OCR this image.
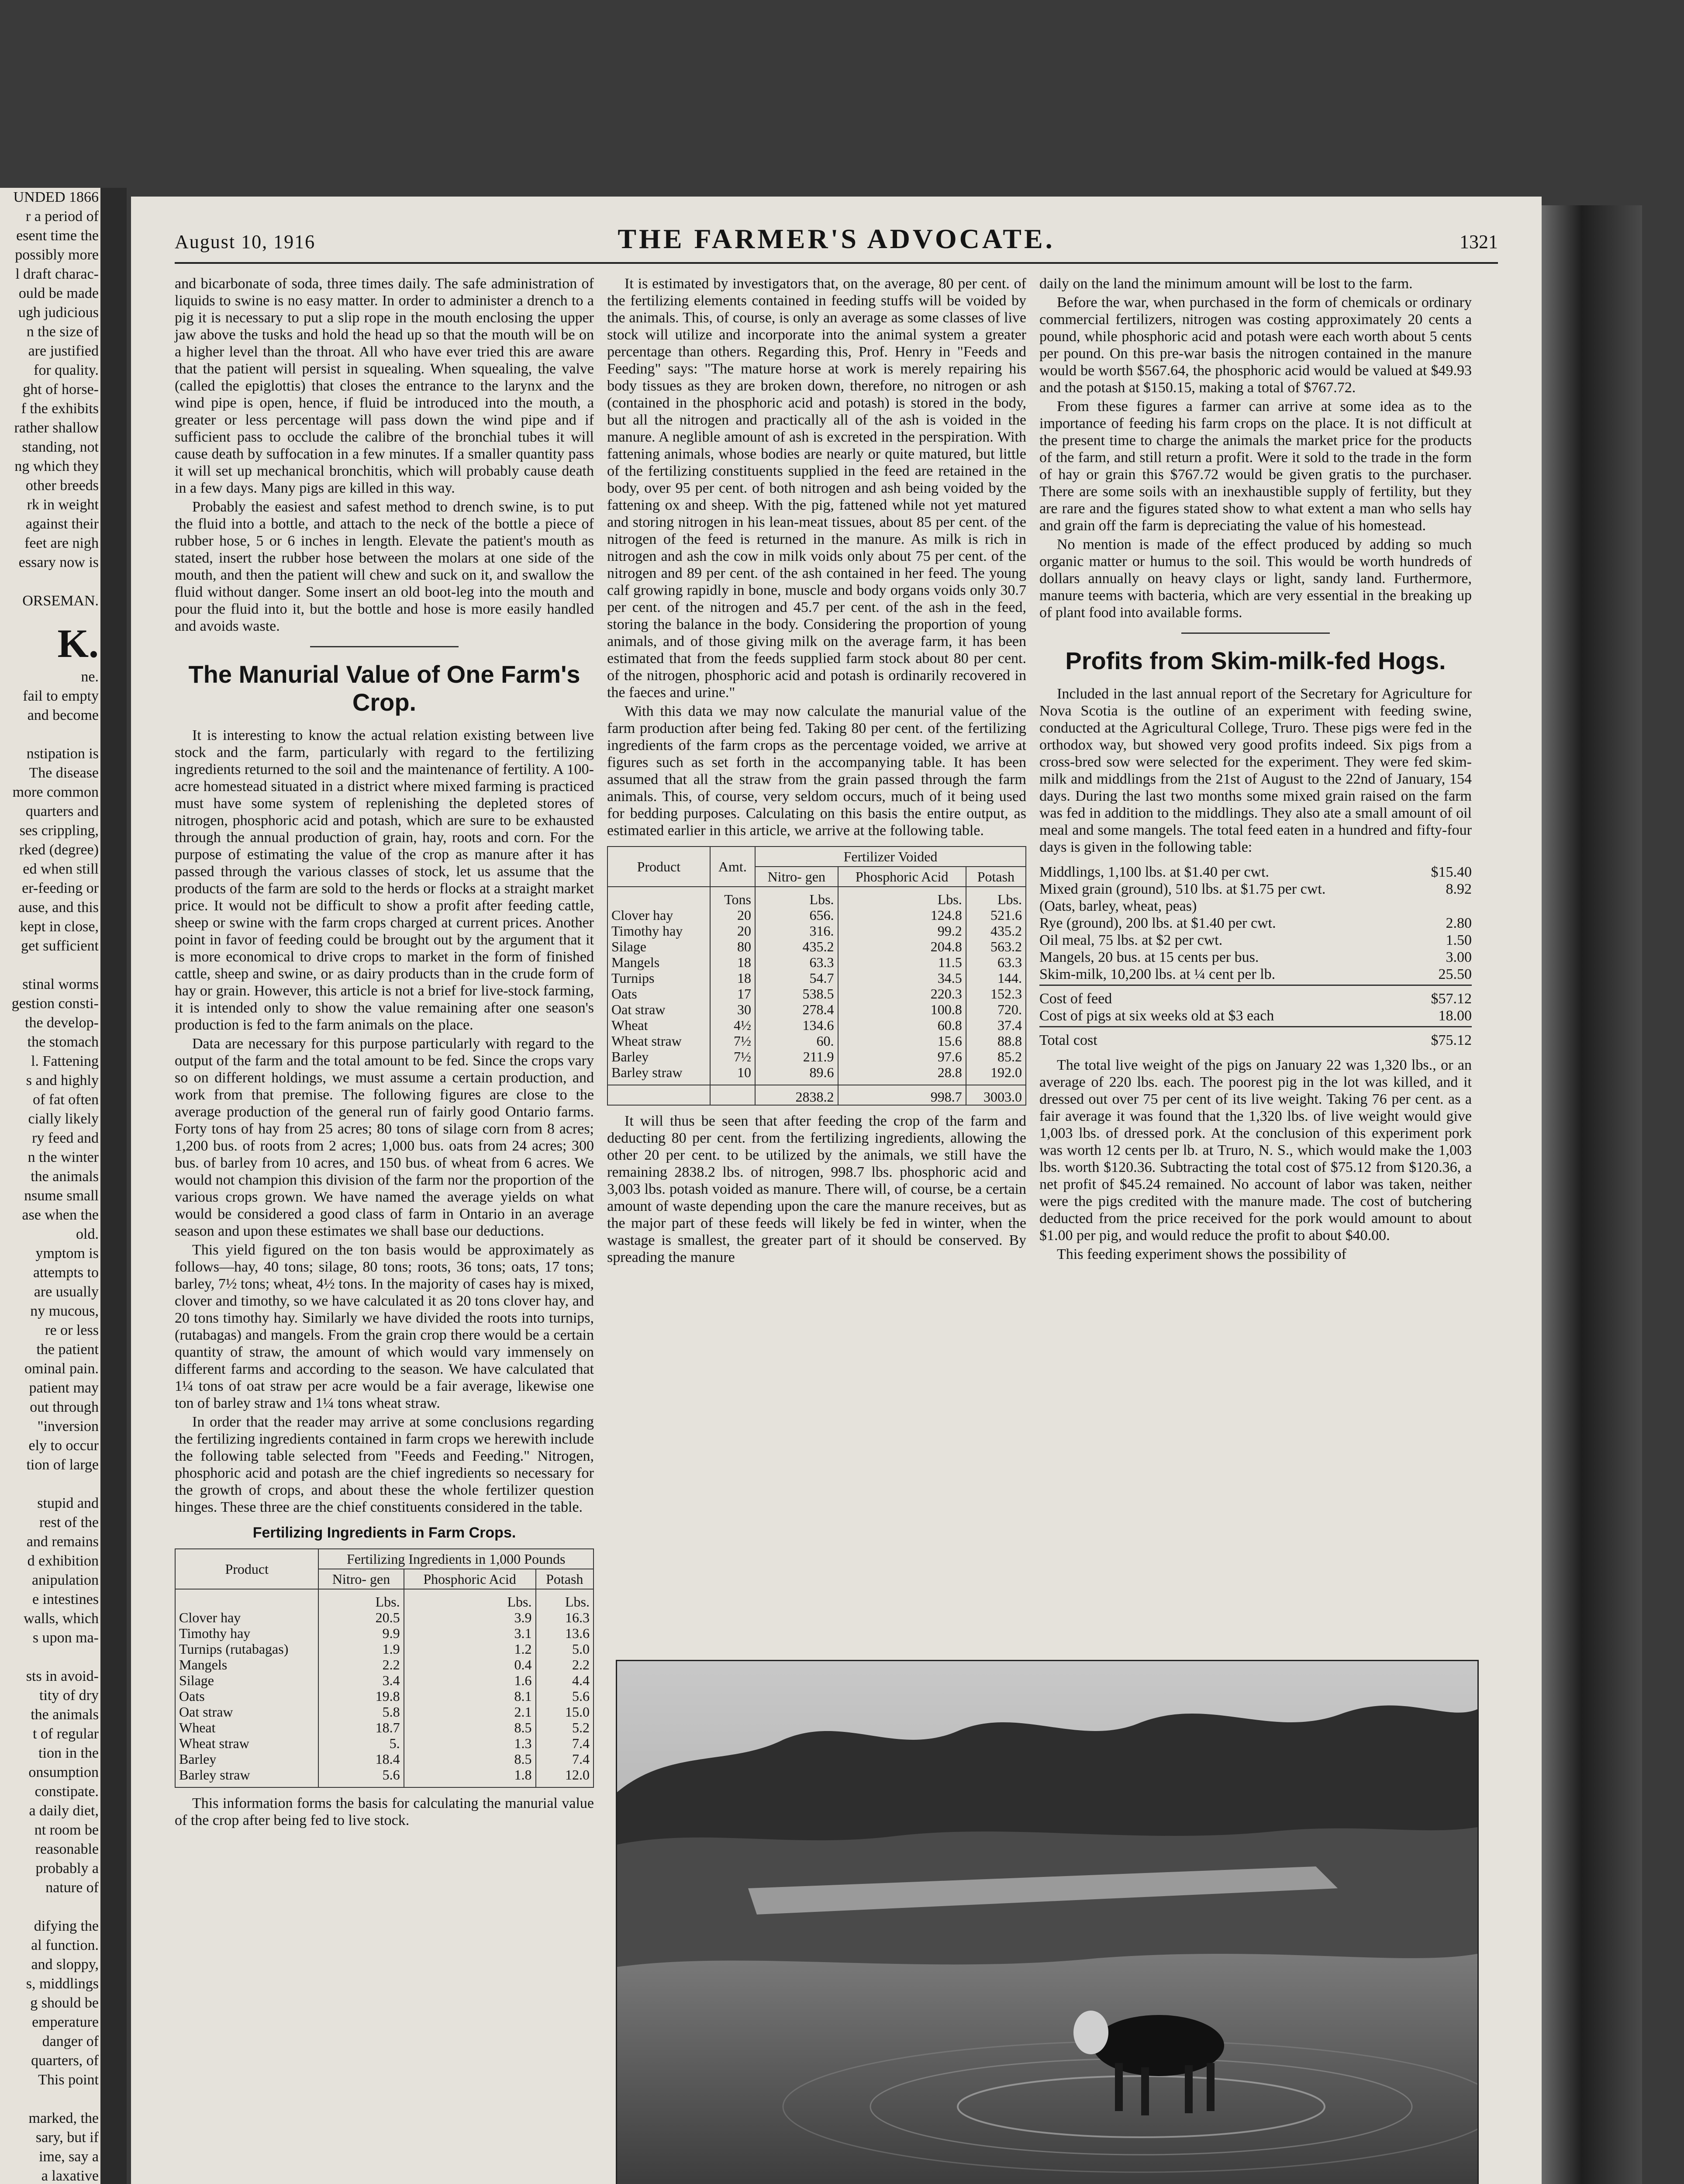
UNDED 1866
r a period of
esent time the
possibly more
l draft charac-
ould be made
ugh judicious
n the size of
are justified
for quality.
ght of horse-
f the exhibits
rather shallow
standing, not
ng which they
other breeds
rk in weight
against their
feet are nigh
essary now is
ORSEMAN.
K.
ne.
fail to empty
and become
nstipation is
The disease
more common
quarters and
ses crippling,
rked (degree)
ed when still
er-feeding or
ause, and this
kept in close,
get sufficient
stinal worms
gestion consti-
the develop-
the stomach
l. Fattening
s and highly
of fat often
cially likely
ry feed and
n the winter
the animals
nsume small
ase when the
old.
ymptom is
attempts to
are usually
ny mucous,
re or less
the patient
ominal pain.
patient may
out through
"inversion
ely to occur
tion of large
stupid and
rest of the
and remains
d exhibition
anipulation
e intestines
walls, which
s upon ma-
sts in avoid-
tity of dry
the animals
t of regular
tion in the
onsumption
constipate.
a daily diet,
nt room be
reasonable
probably a
nature of
difying the
al function.
and sloppy,
s, middlings
g should be
emperature
danger of
quarters, of
This point
marked, the
sary, but if
ime, say a
a laxative
August 10, 1916	THE FARMER'S ADVOCATE.	1321

and bicarbonate of soda, three times daily. The safe administration of liquids to swine is no easy matter. In order to administer a drench to a pig it is necessary to put a slip rope in the mouth enclosing the upper jaw above the tusks and hold the head up so that the mouth will be on a higher level than the throat. All who have ever tried this are aware that the patient will persist in squealing. When squealing, the valve (called the epiglottis) that closes the entrance to the larynx and the wind pipe is open, hence, if fluid be introduced into the mouth, a greater or less percentage will pass down the wind pipe and if sufficient pass to occlude the calibre of the bronchial tubes it will cause death by suffocation in a few minutes. If a smaller quantity pass it will set up mechanical bronchitis, which will probably cause death in a few days. Many pigs are killed in this way.

Probably the easiest and safest method to drench swine, is to put the fluid into a bottle, and attach to the neck of the bottle a piece of rubber hose, 5 or 6 inches in length. Elevate the patient's mouth as stated, insert the rubber hose between the molars at one side of the mouth, and then the patient will chew and suck on it, and swallow the fluid without danger. Some insert an old boot-leg into the mouth and pour the fluid into it, but the bottle and hose is more easily handled and avoids waste.

The Manurial Value of One Farm's Crop.

It is interesting to know the actual relation existing between live stock and the farm, particularly with regard to the fertilizing ingredients returned to the soil and the maintenance of fertility. A 100-acre homestead situated in a district where mixed farming is practiced must have some system of replenishing the depleted stores of nitrogen, phosphoric acid and potash, which are sure to be exhausted through the annual production of grain, hay, roots and corn. For the purpose of estimating the value of the crop as manure after it has passed through the various classes of stock, let us assume that the products of the farm are sold to the herds or flocks at a straight market price. It would not be difficult to show a profit after feeding cattle, sheep or swine with the farm crops charged at current prices. Another point in favor of feeding could be brought out by the argument that it is more economical to drive crops to market in the form of finished cattle, sheep and swine, or as dairy products than in the crude form of hay or grain. However, this article is not a brief for live-stock farming, it is intended only to show the value remaining after one season's production is fed to the farm animals on the place.

Data are necessary for this purpose particularly with regard to the output of the farm and the total amount to be fed. Since the crops vary so on different holdings, we must assume a certain production, and work from that premise. The following figures are close to the average production of the general run of fairly good Ontario farms. Forty tons of hay from 25 acres; 80 tons of silage corn from 8 acres; 1,200 bus. of roots from 2 acres; 1,000 bus. oats from 24 acres; 300 bus. of barley from 10 acres, and 150 bus. of wheat from 6 acres. We would not champion this division of the farm nor the proportion of the various crops grown. We have named the average yields on what would be considered a good class of farm in Ontario in an average season and upon these estimates we shall base our deductions.

This yield figured on the ton basis would be approximately as follows—hay, 40 tons; silage, 80 tons; roots, 36 tons; oats, 17 tons; barley, 7½ tons; wheat, 4½ tons. In the majority of cases hay is mixed, clover and timothy, so we have calculated it as 20 tons clover hay, and 20 tons timothy hay. Similarly we have divided the roots into turnips, (rutabagas) and mangels. From the grain crop there would be a certain quantity of straw, the amount of which would vary immensely on different farms and according to the season. We have calculated that 1¼ tons of oat straw per acre would be a fair average, likewise one ton of barley straw and 1¼ tons wheat straw.

In order that the reader may arrive at some conclusions regarding the fertilizing ingredients contained in farm crops we herewith include the following table selected from "Feeds and Feeding." Nitrogen, phosphoric acid and potash are the chief ingredients so necessary for the growth of crops, and about these the whole fertilizer question hinges. These three are the chief constituents considered in the table.

Fertilizing Ingredients in Farm Crops.
Product	Fertilizing Ingredients in 1,000 Pounds		
	Nitro- gen	Phosphoric Acid	Potash
	Lbs.	Lbs.	Lbs.
Clover hay	20.5	3.9	16.3
Timothy hay	9.9	3.1	13.6
Turnips (rutabagas)	1.9	1.2	5.0
Mangels	2.2	0.4	2.2
Silage	3.4	1.6	4.4
Oats	19.8	8.1	5.6
Oat straw	5.8	2.1	15.0
Wheat	18.7	8.5	5.2
Wheat straw	5.	1.3	7.4
Barley	18.4	8.5	7.4
Barley straw	5.6	1.8	12.0

This information forms the basis for calculating the manurial value of the crop after being fed to live stock.

It is estimated by investigators that, on the average, 80 per cent. of the fertilizing elements contained in feeding stuffs will be voided by the animals. This, of course, is only an average as some classes of live stock will utilize and incorporate into the animal system a greater percentage than others. Regarding this, Prof. Henry in "Feeds and Feeding" says: "The mature horse at work is merely repairing his body tissues as they are broken down, therefore, no nitrogen or ash (contained in the phosphoric acid and potash) is stored in the body, but all the nitrogen and practically all of the ash is voided in the manure. A neglible amount of ash is excreted in the perspiration. With fattening animals, whose bodies are nearly or quite matured, but little of the fertilizing constituents supplied in the feed are retained in the body, over 95 per cent. of both nitrogen and ash being voided by the fattening ox and sheep. With the pig, fattened while not yet matured and storing nitrogen in his lean-meat tissues, about 85 per cent. of the nitrogen of the feed is returned in the manure. As milk is rich in nitrogen and ash the cow in milk voids only about 75 per cent. of the nitrogen and 89 per cent. of the ash contained in her feed. The young calf growing rapidly in bone, muscle and body organs voids only 30.7 per cent. of the nitrogen and 45.7 per cent. of the ash in the feed, storing the balance in the body. Considering the proportion of young animals, and of those giving milk on the average farm, it has been estimated that from the feeds supplied farm stock about 80 per cent. of the nitrogen, phosphoric acid and potash is ordinarily recovered in the faeces and urine."

With this data we may now calculate the manurial value of the farm production after being fed. Taking 80 per cent. of the fertilizing ingredients of the farm crops as the percentage voided, we arrive at figures such as set forth in the accompanying table. It has been assumed that all the straw from the grain passed through the farm animals. This, of course, very seldom occurs, much of it being used for bedding purposes. Calculating on this basis the entire output, as estimated earlier in this article, we arrive at the following table.

Product	Amt.	Fertilizer Voided		
		Nitro- gen	Phosphoric Acid	Potash
	Tons	Lbs.	Lbs.	Lbs.
Clover hay	20	656.	124.8	521.6
Timothy hay	20	316.	99.2	435.2
Silage	80	435.2	204.8	563.2
Mangels	18	63.3	11.5	63.3
Turnips	18	54.7	34.5	144.
Oats	17	538.5	220.3	152.3
Oat straw	30	278.4	100.8	720.
Wheat	4½	134.6	60.8	37.4
Wheat straw	7½	60.	15.6	88.8
Barley	7½	211.9	97.6	85.2
Barley straw	10	89.6	28.8	192.0
		2838.2	998.7	3003.0

It will thus be seen that after feeding the crop of the farm and deducting 80 per cent. from the fertilizing ingredients, allowing the other 20 per cent. to be utilized by the animals, we still have the remaining 2838.2 lbs. of nitrogen, 998.7 lbs. phosphoric acid and 3,003 lbs. potash voided as manure. There will, of course, be a certain amount of waste depending upon the care the manure receives, but as the major part of these feeds will likely be fed in winter, when the wastage is smallest, the greater part of it should be conserved. By spreading the manure

daily on the land the minimum amount will be lost to the farm.

Before the war, when purchased in the form of chemicals or ordinary commercial fertilizers, nitrogen was costing approximately 20 cents a pound, while phosphoric acid and potash were each worth about 5 cents per pound. On this pre-war basis the nitrogen contained in the manure would be worth $567.64, the phosphoric acid would be valued at $49.93 and the potash at $150.15, making a total of $767.72.

From these figures a farmer can arrive at some idea as to the importance of feeding his farm crops on the place. It is not difficult at the present time to charge the animals the market price for the products of the farm, and still return a profit. Were it sold to the trade in the form of hay or grain this $767.72 would be given gratis to the purchaser. There are some soils with an inexhaustible supply of fertility, but they are rare and the figures stated show to what extent a man who sells hay and grain off the farm is depreciating the value of his homestead.

No mention is made of the effect produced by adding so much organic matter or humus to the soil. This would be worth hundreds of dollars annually on heavy clays or light, sandy land. Furthermore, manure teems with bacteria, which are very essential in the breaking up of plant food into available forms.

Profits from Skim-milk-fed Hogs.

Included in the last annual report of the Secretary for Agriculture for Nova Scotia is the outline of an experiment with feeding swine, conducted at the Agricultural College, Truro. These pigs were fed in the orthodox way, but showed very good profits indeed. Six pigs from a cross-bred sow were selected for the experiment. They were fed skim-milk and middlings from the 21st of August to the 22nd of January, 154 days. During the last two months some mixed grain raised on the farm was fed in addition to the middlings. They also ate a small amount of oil meal and some mangels. The total feed eaten in a hundred and fifty-four days is given in the following table:

Middlings, 1,100 lbs. at $1.40 per cwt.	$15.40
Mixed grain (ground), 510 lbs. at $1.75 per cwt.	8.92
(Oats, barley, wheat, peas)
Rye (ground), 200 lbs. at $1.40 per cwt.	2.80
Oil meal, 75 lbs. at $2 per cwt.	1.50
Mangels, 20 bus. at 15 cents per bus.	3.00
Skim-milk, 10,200 lbs. at ¼ cent per lb.	25.50
Cost of feed	$57.12
Cost of pigs at six weeks old at $3 each	18.00
Total cost	$75.12

The total live weight of the pigs on January 22 was 1,320 lbs., or an average of 220 lbs. each. The poorest pig in the lot was killed, and it dressed out over 75 per cent of its live weight. Taking 76 per cent. as a fair average it was found that the 1,320 lbs. of live weight would give 1,003 lbs. of dressed pork. At the conclusion of this experiment pork was worth 12 cents per lb. at Truro, N. S., which would make the 1,003 lbs. worth $120.36. Subtracting the total cost of $75.12 from $120.36, a net profit of $45.24 remained. No account of labor was taken, neither were the pigs credited with the manure made. The cost of butchering deducted from the price received for the pork would amount to about $1.00 per pig, and would reduce the profit to about $40.00.

This feeding experiment shows the possibility of
